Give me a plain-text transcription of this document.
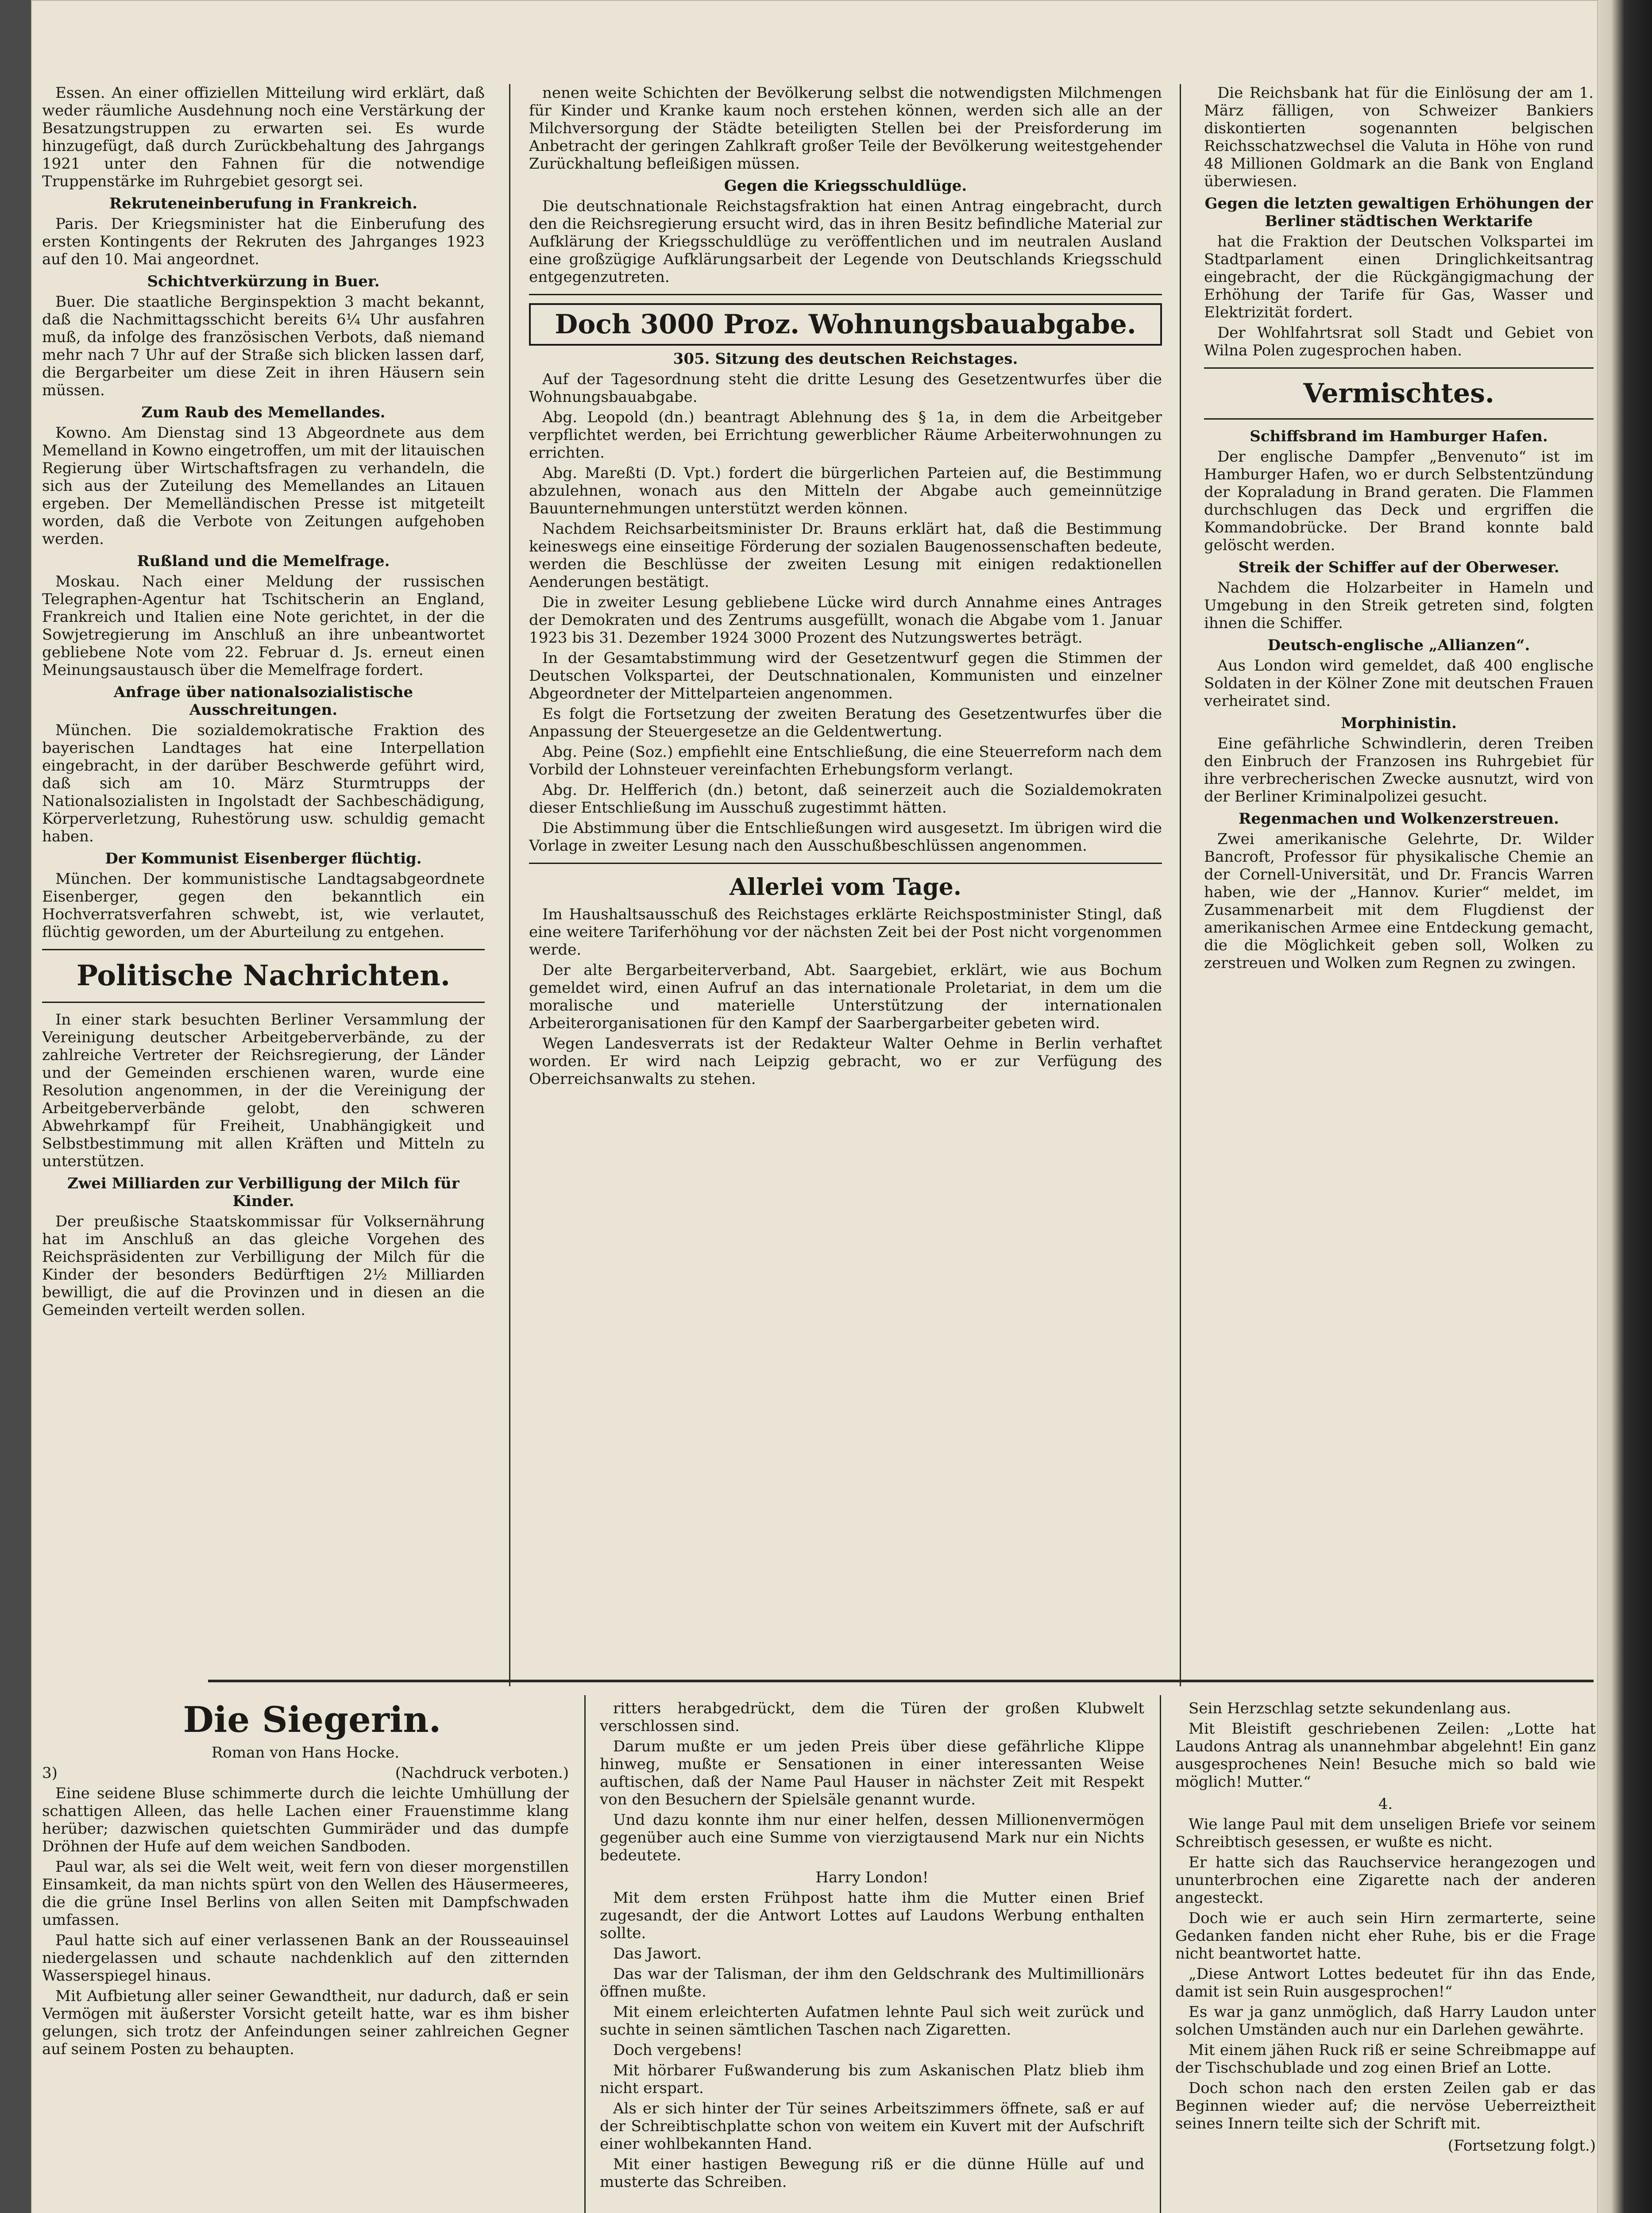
Essen. An einer offiziellen Mitteilung wird erklärt, daß weder räumliche Ausdehnung noch eine Verstärkung der Besatzungstruppen zu erwarten sei. Es wurde hinzugefügt, daß durch Zurückbehaltung des Jahrgangs 1921 unter den Fahnen für die notwendige Truppenstärke im Ruhrgebiet gesorgt sei.

Rekruteneinberufung in Frankreich.

Paris. Der Kriegsminister hat die Einberufung des ersten Kontingents der Rekruten des Jahrganges 1923 auf den 10. Mai angeordnet.

Schichtverkürzung in Buer.

Buer. Die staatliche Berginspektion 3 macht bekannt, daß die Nachmittagsschicht bereits 6¼ Uhr ausfahren muß, da infolge des französischen Verbots, daß niemand mehr nach 7 Uhr auf der Straße sich blicken lassen darf, die Bergarbeiter um diese Zeit in ihren Häusern sein müssen.

Zum Raub des Memellandes.

Kowno. Am Dienstag sind 13 Abgeordnete aus dem Memelland in Kowno eingetroffen, um mit der litauischen Regierung über Wirtschaftsfragen zu verhandeln, die sich aus der Zuteilung des Memellandes an Litauen ergeben. Der Memelländischen Presse ist mitgeteilt worden, daß die Verbote von Zeitungen aufgehoben werden.

Rußland und die Memelfrage.

Moskau. Nach einer Meldung der russischen Telegraphen-Agentur hat Tschitscherin an England, Frankreich und Italien eine Note gerichtet, in der die Sowjetregierung im Anschluß an ihre unbeantwortet gebliebene Note vom 22. Februar d. Js. erneut einen Meinungsaustausch über die Memelfrage fordert.

Anfrage über nationalsozialistische Ausschreitungen.

München. Die sozialdemokratische Fraktion des bayerischen Landtages hat eine Interpellation eingebracht, in der darüber Beschwerde geführt wird, daß sich am 10. März Sturmtrupps der Nationalsozialisten in Ingolstadt der Sachbeschädigung, Körperverletzung, Ruhestörung usw. schuldig gemacht haben.

Der Kommunist Eisenberger flüchtig.

München. Der kommunistische Landtagsabgeordnete Eisenberger, gegen den bekanntlich ein Hochverratsverfahren schwebt, ist, wie verlautet, flüchtig geworden, um der Aburteilung zu entgehen.

Politische Nachrichten.

In einer stark besuchten Berliner Versammlung der Vereinigung deutscher Arbeitgeberverbände, zu der zahlreiche Vertreter der Reichsregierung, der Länder und der Gemeinden erschienen waren, wurde eine Resolution angenommen, in der die Vereinigung der Arbeitgeberverbände gelobt, den schweren Abwehrkampf für Freiheit, Unabhängigkeit und Selbstbestimmung mit allen Kräften und Mitteln zu unterstützen.

Zwei Milliarden zur Verbilligung der Milch für Kinder.

Der preußische Staatskommissar für Volksernährung hat im Anschluß an das gleiche Vorgehen des Reichspräsidenten zur Verbilligung der Milch für die Kinder der besonders Bedürftigen 2½ Milliarden bewilligt, die auf die Provinzen und in diesen an die Gemeinden verteilt werden sollen.

nenen weite Schichten der Bevölkerung selbst die notwendigsten Milchmengen für Kinder und Kranke kaum noch erstehen können, werden sich alle an der Milchversorgung der Städte beteiligten Stellen bei der Preisforderung im Anbetracht der geringen Zahlkraft großer Teile der Bevölkerung weitestgehender Zurückhaltung befleißigen müssen.

Gegen die Kriegsschuldlüge.

Die deutschnationale Reichstagsfraktion hat einen Antrag eingebracht, durch den die Reichsregierung ersucht wird, das in ihren Besitz befindliche Material zur Aufklärung der Kriegsschuldlüge zu veröffentlichen und im neutralen Ausland eine großzügige Aufklärungsarbeit der Legende von Deutschlands Kriegsschuld entgegenzutreten.

Doch 3000 Proz. Wohnungsbauabgabe.

305. Sitzung des deutschen Reichstages.

Auf der Tagesordnung steht die dritte Lesung des Gesetzentwurfes über die Wohnungsbauabgabe.

Abg. Leopold (dn.) beantragt Ablehnung des § 1a, in dem die Arbeitgeber verpflichtet werden, bei Errichtung gewerblicher Räume Arbeiterwohnungen zu errichten.

Abg. Mareßti (D. Vpt.) fordert die bürgerlichen Parteien auf, die Bestimmung abzulehnen, wonach aus den Mitteln der Abgabe auch gemeinnützige Bauunternehmungen unterstützt werden können.

Nachdem Reichsarbeitsminister Dr. Brauns erklärt hat, daß die Bestimmung keineswegs eine einseitige Förderung der sozialen Baugenossenschaften bedeute, werden die Beschlüsse der zweiten Lesung mit einigen redaktionellen Aenderungen bestätigt.

Die in zweiter Lesung gebliebene Lücke wird durch Annahme eines Antrages der Demokraten und des Zentrums ausgefüllt, wonach die Abgabe vom 1. Januar 1923 bis 31. Dezember 1924 3000 Prozent des Nutzungswertes beträgt.

In der Gesamtabstimmung wird der Gesetzentwurf gegen die Stimmen der Deutschen Volkspartei, der Deutschnationalen, Kommunisten und einzelner Abgeordneter der Mittelparteien angenommen.

Es folgt die Fortsetzung der zweiten Beratung des Gesetzentwurfes über die Anpassung der Steuergesetze an die Geldentwertung.

Abg. Peine (Soz.) empfiehlt eine Entschließung, die eine Steuerreform nach dem Vorbild der Lohnsteuer vereinfachten Erhebungsform verlangt.

Abg. Dr. Helfferich (dn.) betont, daß seinerzeit auch die Sozialdemokraten dieser Entschließung im Ausschuß zugestimmt hätten.

Die Abstimmung über die Entschließungen wird ausgesetzt. Im übrigen wird die Vorlage in zweiter Lesung nach den Ausschußbeschlüssen angenommen.

Allerlei vom Tage.

Im Haushaltsausschuß des Reichstages erklärte Reichspostminister Stingl, daß eine weitere Tariferhöhung vor der nächsten Zeit bei der Post nicht vorgenommen werde.

Der alte Bergarbeiterverband, Abt. Saargebiet, erklärt, wie aus Bochum gemeldet wird, einen Aufruf an das internationale Proletariat, in dem um die moralische und materielle Unterstützung der internationalen Arbeiterorganisationen für den Kampf der Saarbergarbeiter gebeten wird.

Wegen Landesverrats ist der Redakteur Walter Oehme in Berlin verhaftet worden. Er wird nach Leipzig gebracht, wo er zur Verfügung des Oberreichsanwalts zu stehen.

Die Reichsbank hat für die Einlösung der am 1. März fälligen, von Schweizer Bankiers diskontierten sogenannten belgischen Reichsschatzwechsel die Valuta in Höhe von rund 48 Millionen Goldmark an die Bank von England überwiesen.

Gegen die letzten gewaltigen Erhöhungen der Berliner städtischen Werktarife

hat die Fraktion der Deutschen Volkspartei im Stadtparlament einen Dringlichkeitsantrag eingebracht, der die Rückgängigmachung der Erhöhung der Tarife für Gas, Wasser und Elektrizität fordert.

Der Wohlfahrtsrat soll Stadt und Gebiet von Wilna Polen zugesprochen haben.

Vermischtes.

Schiffsbrand im Hamburger Hafen.

Der englische Dampfer „Benvenuto“ ist im Hamburger Hafen, wo er durch Selbstentzündung der Kopraladung in Brand geraten. Die Flammen durchschlugen das Deck und ergriffen die Kommandobrücke. Der Brand konnte bald gelöscht werden.

Streik der Schiffer auf der Oberweser.

Nachdem die Holzarbeiter in Hameln und Umgebung in den Streik getreten sind, folgten ihnen die Schiffer.

Deutsch-englische „Allianzen“.

Aus London wird gemeldet, daß 400 englische Soldaten in der Kölner Zone mit deutschen Frauen verheiratet sind.

Morphinistin.

Eine gefährliche Schwindlerin, deren Treiben den Einbruch der Franzosen ins Ruhrgebiet für ihre verbrecherischen Zwecke ausnutzt, wird von der Berliner Kriminalpolizei gesucht.

Regenmachen und Wolkenzerstreuen.

Zwei amerikanische Gelehrte, Dr. Wilder Bancroft, Professor für physikalische Chemie an der Cornell-Universität, und Dr. Francis Warren haben, wie der „Hannov. Kurier“ meldet, im Zusammenarbeit mit dem Flugdienst der amerikanischen Armee eine Entdeckung gemacht, die die Möglichkeit geben soll, Wolken zu zerstreuen und Wolken zum Regnen zu zwingen.

Die Siegerin.

Roman von Hans Hocke.

3)	(Nachdruck verboten.)

Eine seidene Bluse schimmerte durch die leichte Umhüllung der schattigen Alleen, das helle Lachen einer Frauenstimme klang herüber; dazwischen quietschten Gummiräder und das dumpfe Dröhnen der Hufe auf dem weichen Sandboden.

Paul war, als sei die Welt weit, weit fern von dieser morgenstillen Einsamkeit, da man nichts spürt von den Wellen des Häusermeeres, die die grüne Insel Berlins von allen Seiten mit Dampfschwaden umfassen.

Paul hatte sich auf einer verlassenen Bank an der Rousseauinsel niedergelassen und schaute nachdenklich auf den zitternden Wasserspiegel hinaus.

Mit Aufbietung aller seiner Gewandtheit, nur dadurch, daß er sein Vermögen mit äußerster Vorsicht geteilt hatte, war es ihm bisher gelungen, sich trotz der Anfeindungen seiner zahlreichen Gegner auf seinem Posten zu behaupten.

ritters herabgedrückt, dem die Türen der großen Klubwelt verschlossen sind.

Darum mußte er um jeden Preis über diese gefährliche Klippe hinweg, mußte er Sensationen in einer interessanten Weise auftischen, daß der Name Paul Hauser in nächster Zeit mit Respekt von den Besuchern der Spielsäle genannt wurde.

Und dazu konnte ihm nur einer helfen, dessen Millionenvermögen gegenüber auch eine Summe von vierzigtausend Mark nur ein Nichts bedeutete.

Harry London!

Mit dem ersten Frühpost hatte ihm die Mutter einen Brief zugesandt, der die Antwort Lottes auf Laudons Werbung enthalten sollte.

Das Jawort.

Das war der Talisman, der ihm den Geldschrank des Multimillionärs öffnen mußte.

Mit einem erleichterten Aufatmen lehnte Paul sich weit zurück und suchte in seinen sämtlichen Taschen nach Zigaretten.

Doch vergebens!

Mit hörbarer Fußwanderung bis zum Askanischen Platz blieb ihm nicht erspart.

Als er sich hinter der Tür seines Arbeitszimmers öffnete, saß er auf der Schreibtischplatte schon von weitem ein Kuvert mit der Aufschrift einer wohlbekannten Hand.

Mit einer hastigen Bewegung riß er die dünne Hülle auf und musterte das Schreiben.

Sein Herzschlag setzte sekundenlang aus.

Mit Bleistift geschriebenen Zeilen: „Lotte hat Laudons Antrag als unannehmbar abgelehnt! Ein ganz ausgesprochenes Nein! Besuche mich so bald wie möglich! Mutter.“

4.

Wie lange Paul mit dem unseligen Briefe vor seinem Schreibtisch gesessen, er wußte es nicht.

Er hatte sich das Rauchservice herangezogen und ununterbrochen eine Zigarette nach der anderen angesteckt.

Doch wie er auch sein Hirn zermarterte, seine Gedanken fanden nicht eher Ruhe, bis er die Frage nicht beantwortet hatte.

„Diese Antwort Lottes bedeutet für ihn das Ende, damit ist sein Ruin ausgesprochen!“

Es war ja ganz unmöglich, daß Harry Laudon unter solchen Umständen auch nur ein Darlehen gewährte.

Mit einem jähen Ruck riß er seine Schreibmappe auf der Tischschublade und zog einen Brief an Lotte.

Doch schon nach den ersten Zeilen gab er das Beginnen wieder auf; die nervöse Ueberreiztheit seines Innern teilte sich der Schrift mit.

(Fortsetzung folgt.)
